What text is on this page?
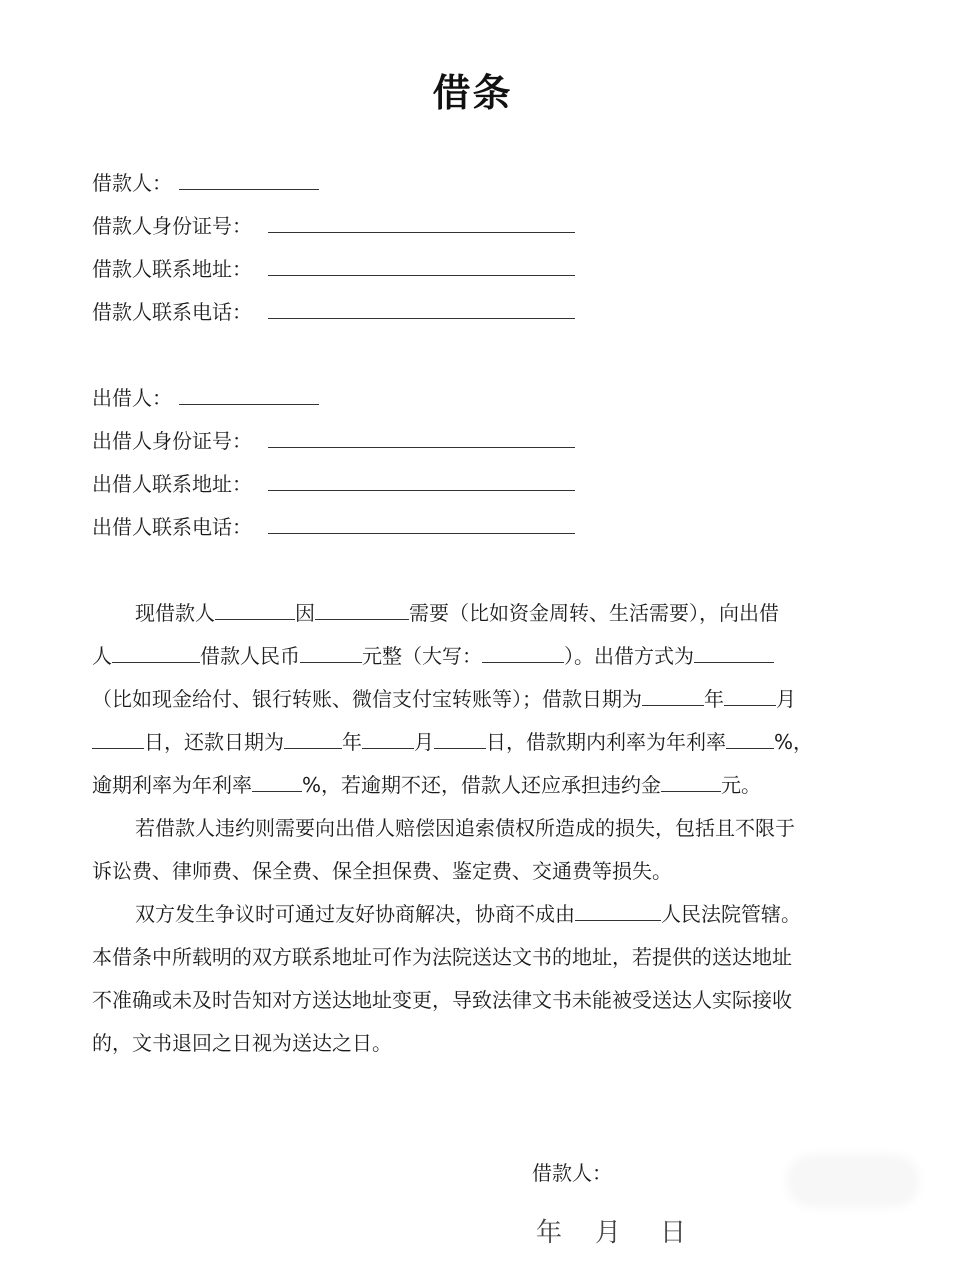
借条
借款人：
借款人身份证号：
借款人联系地址：
借款人联系电话：
出借人：
出借人身份证号：
出借人联系地址：
出借人联系电话：
现借款人	因	需要（比如资金周转、生活需要），向出借
人	借款人民币	元整（大写：	）。出借方式为
（比如现金给付、银行转账、微信支付宝转账等）；借款日期为	年	月
日，还款日期为	年	月	日，借款期内利率为年利率 %，
逾期利率为年利率	%，若逾期不还，借款人还应承担违约金	元。
若借款人违约则需要向出借人赔偿因追索债权所造成的损失，包括且不限于
诉讼费、律师费、保全费、保全担保费、鉴定费、交通费等损失。
双方发生争议时可通过友好协商解决，协商不成由	人民法院管辖。
本借条中所载明的双方联系地址可作为法院送达文书的地址，若提供的送达地址
不准确或未及时告知对方送达地址变更，导致法律文书未能被受送达人实际接收
的，文书退回之日视为送达之日。
借款人：
年 月 日
